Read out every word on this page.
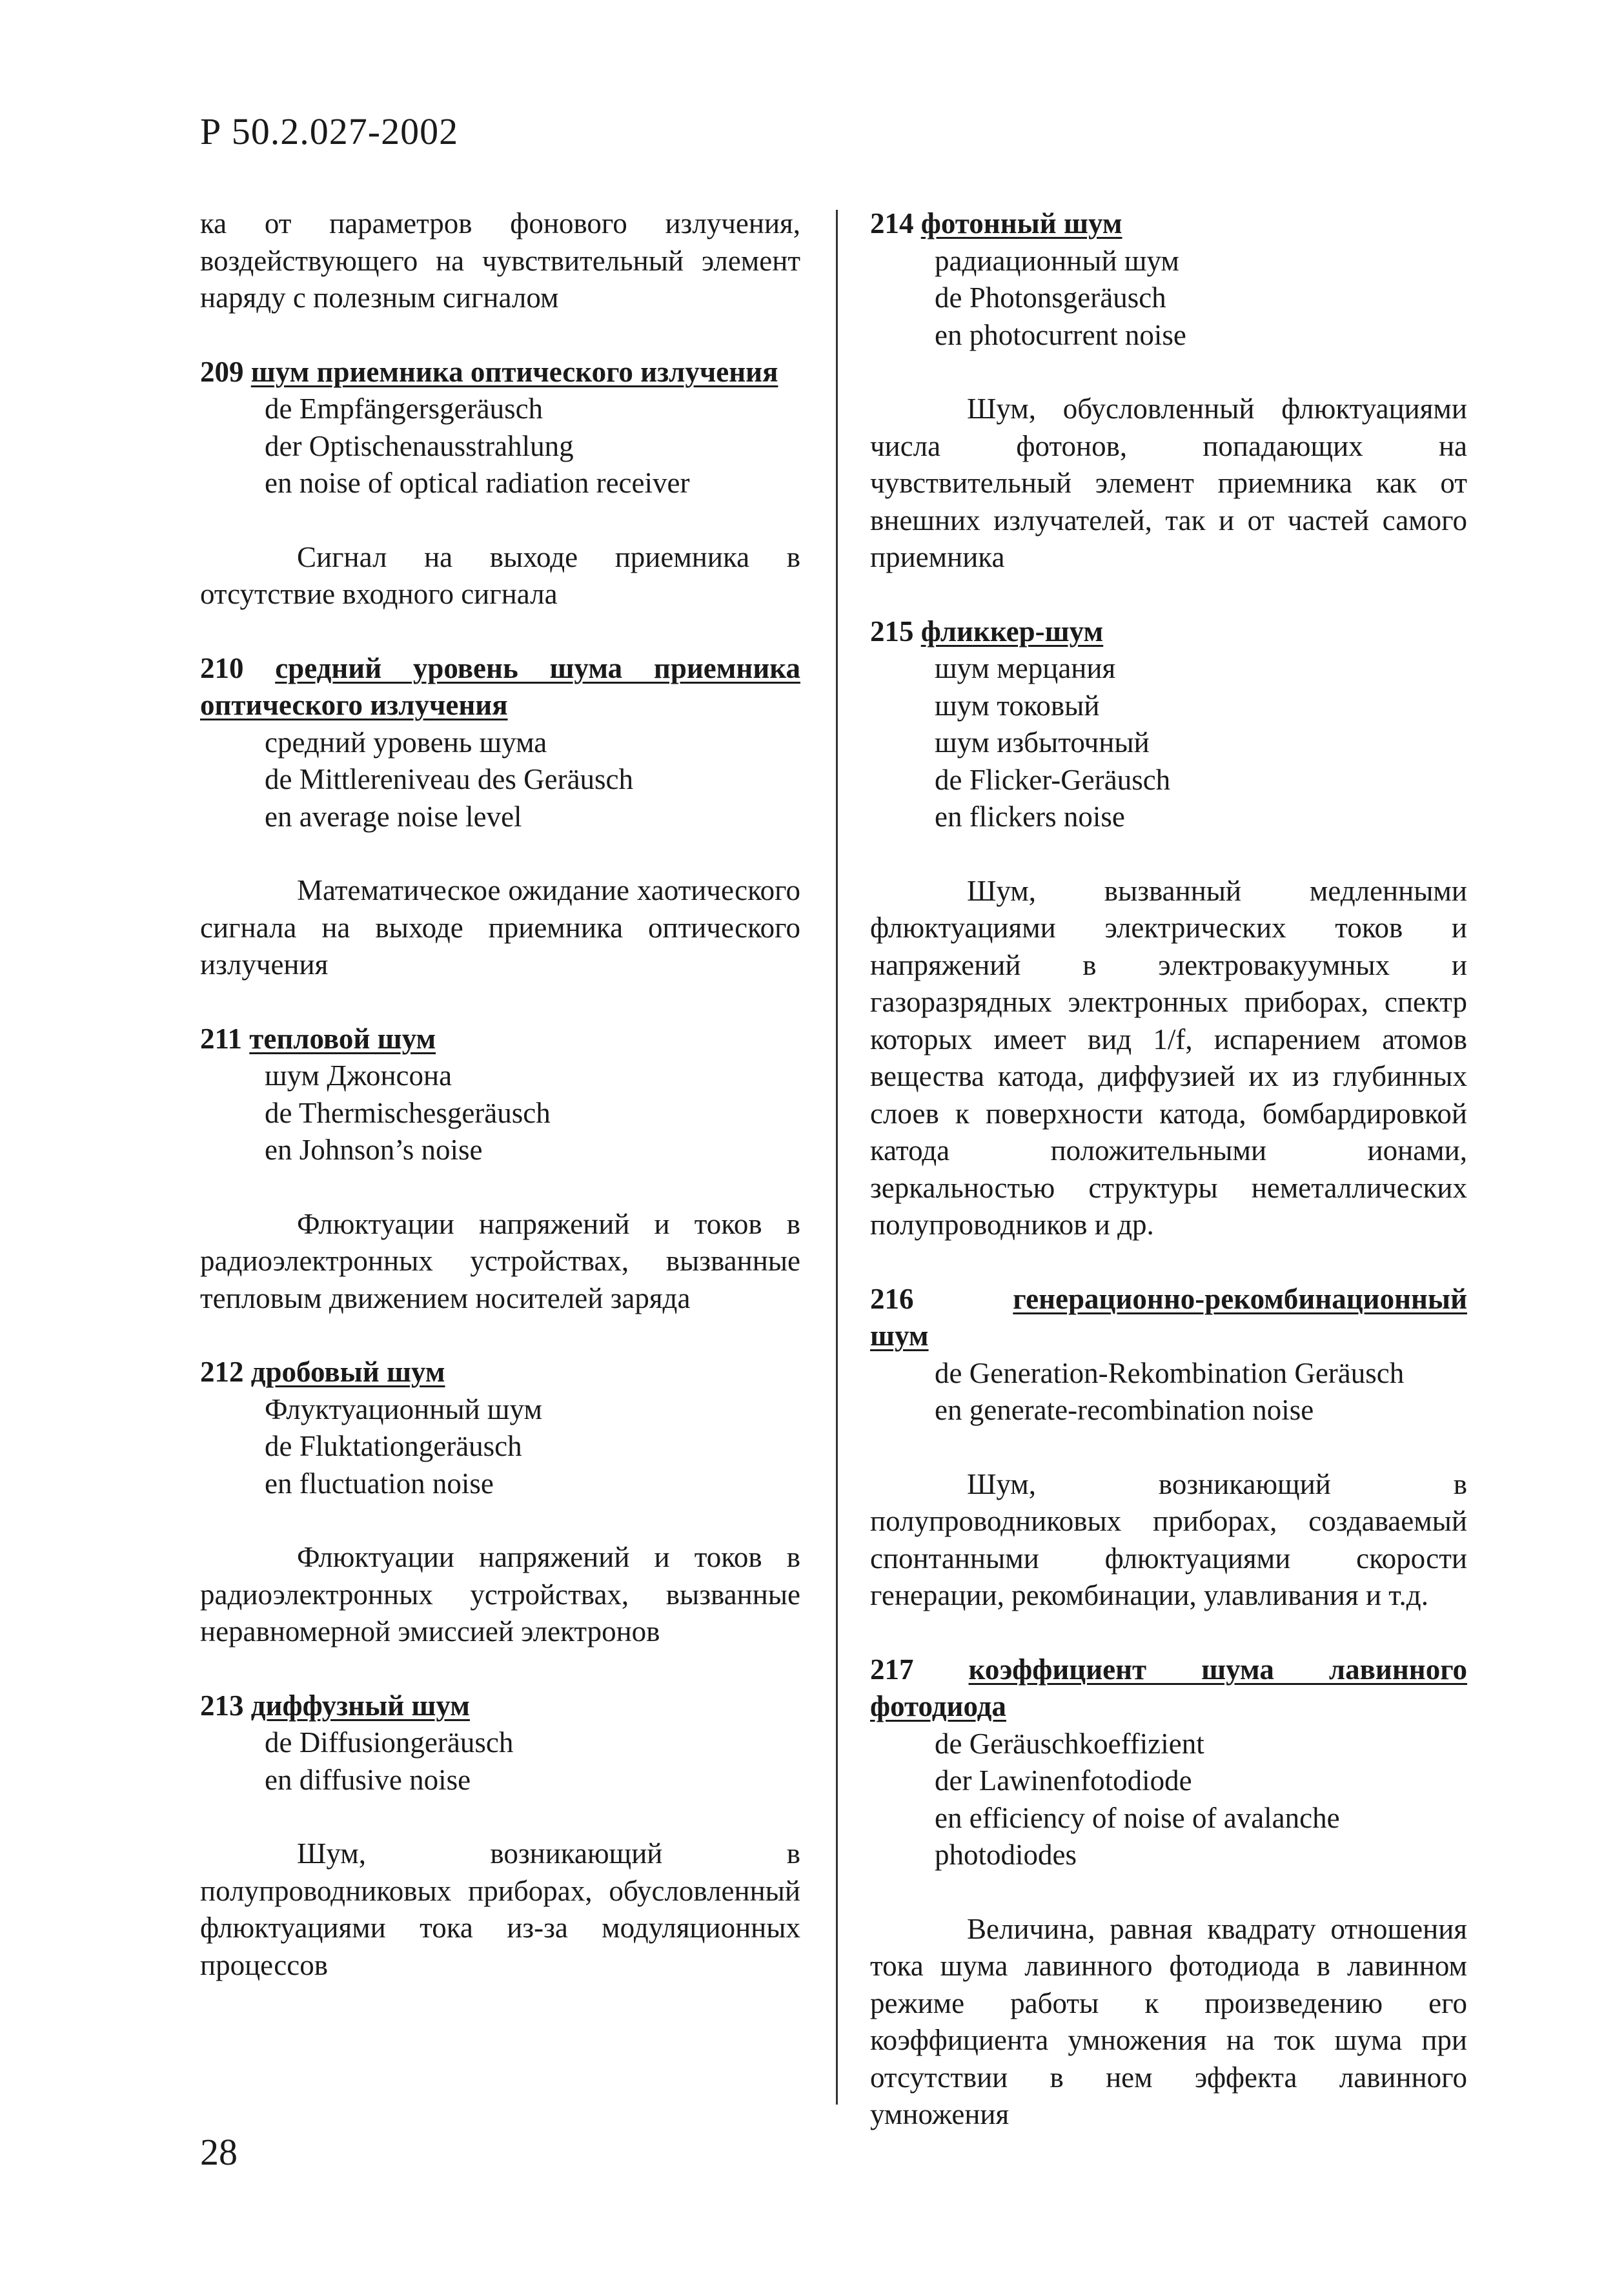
Р 50.2.027-2002

ка от параметров фонового излучения, воздействующего на чувствительный элемент наряду с полезным сигналом

209 шум приемника оптического излучения

de Empfängersgeräusch

der Optischenausstrahlung

en noise of optical radiation receiver

Сигнал на выходе приемника в отсутствие входного сигнала

210 средний уровень шума приемника оптического излучения

средний уровень шума

de Mittlereniveau des Geräusch

en average noise level

Математическое ожидание хаотического сигнала на выходе приемника оптического излучения

211 тепловой шум

шум Джонсона

de Thermischesgeräusch

en Johnson’s noise

Флюктуации напряжений и токов в радиоэлектронных устройствах, вызванные тепловым движением носителей заряда

212 дробовый шум

Флуктуационный шум

de Fluktationgeräusch

en fluctuation noise

Флюктуации напряжений и токов в радиоэлектронных устройствах, вызванные неравномерной эмиссией электронов

213 диффузный шум

de Diffusiongeräusch

en diffusive noise

Шум, возникающий в полупроводниковых приборах, обусловленный флюктуациями тока из-за модуляционных процессов

214 фотонный шум

радиационный шум

de Photonsgeräusch

en photocurrent noise

Шум, обусловленный флюктуациями числа фотонов, попадающих на чувствительный элемент приемника как от внешних излучателей, так и от частей самого приемника

215 фликкер-шум

шум мерцания

шум токовый

шум избыточный

de Flicker-Geräusch

en flickers noise

Шум, вызванный медленными флюктуациями электрических токов и напряжений в электровакуумных и газоразрядных электронных приборах, спектр которых имеет вид 1/f, испарением атомов вещества катода, диффузией их из глубинных слоев к поверхности катода, бомбардировкой катода положительными ионами, зеркальностью структуры неметаллических полупроводников и др.

216	генерационно-рекомбинационный

шум

de Generation-Rekombination Geräusch

en generate-recombination noise

Шум, возникающий в полупроводниковых приборах, создаваемый спонтанными флюктуациями скорости генерации, рекомбинации, улавливания и т.д.

217 коэффициент шума лавинного фотодиода

de Geräuschkoeffizient

der Lawinenfotodiode

en efficiency of noise of avalanche

photodiodes

Величина, равная квадрату отношения тока шума лавинного фотодиода в лавинном режиме работы к произведению его коэффициента умножения на ток шума при отсутствии в нем эффекта лавинного умножения

28
